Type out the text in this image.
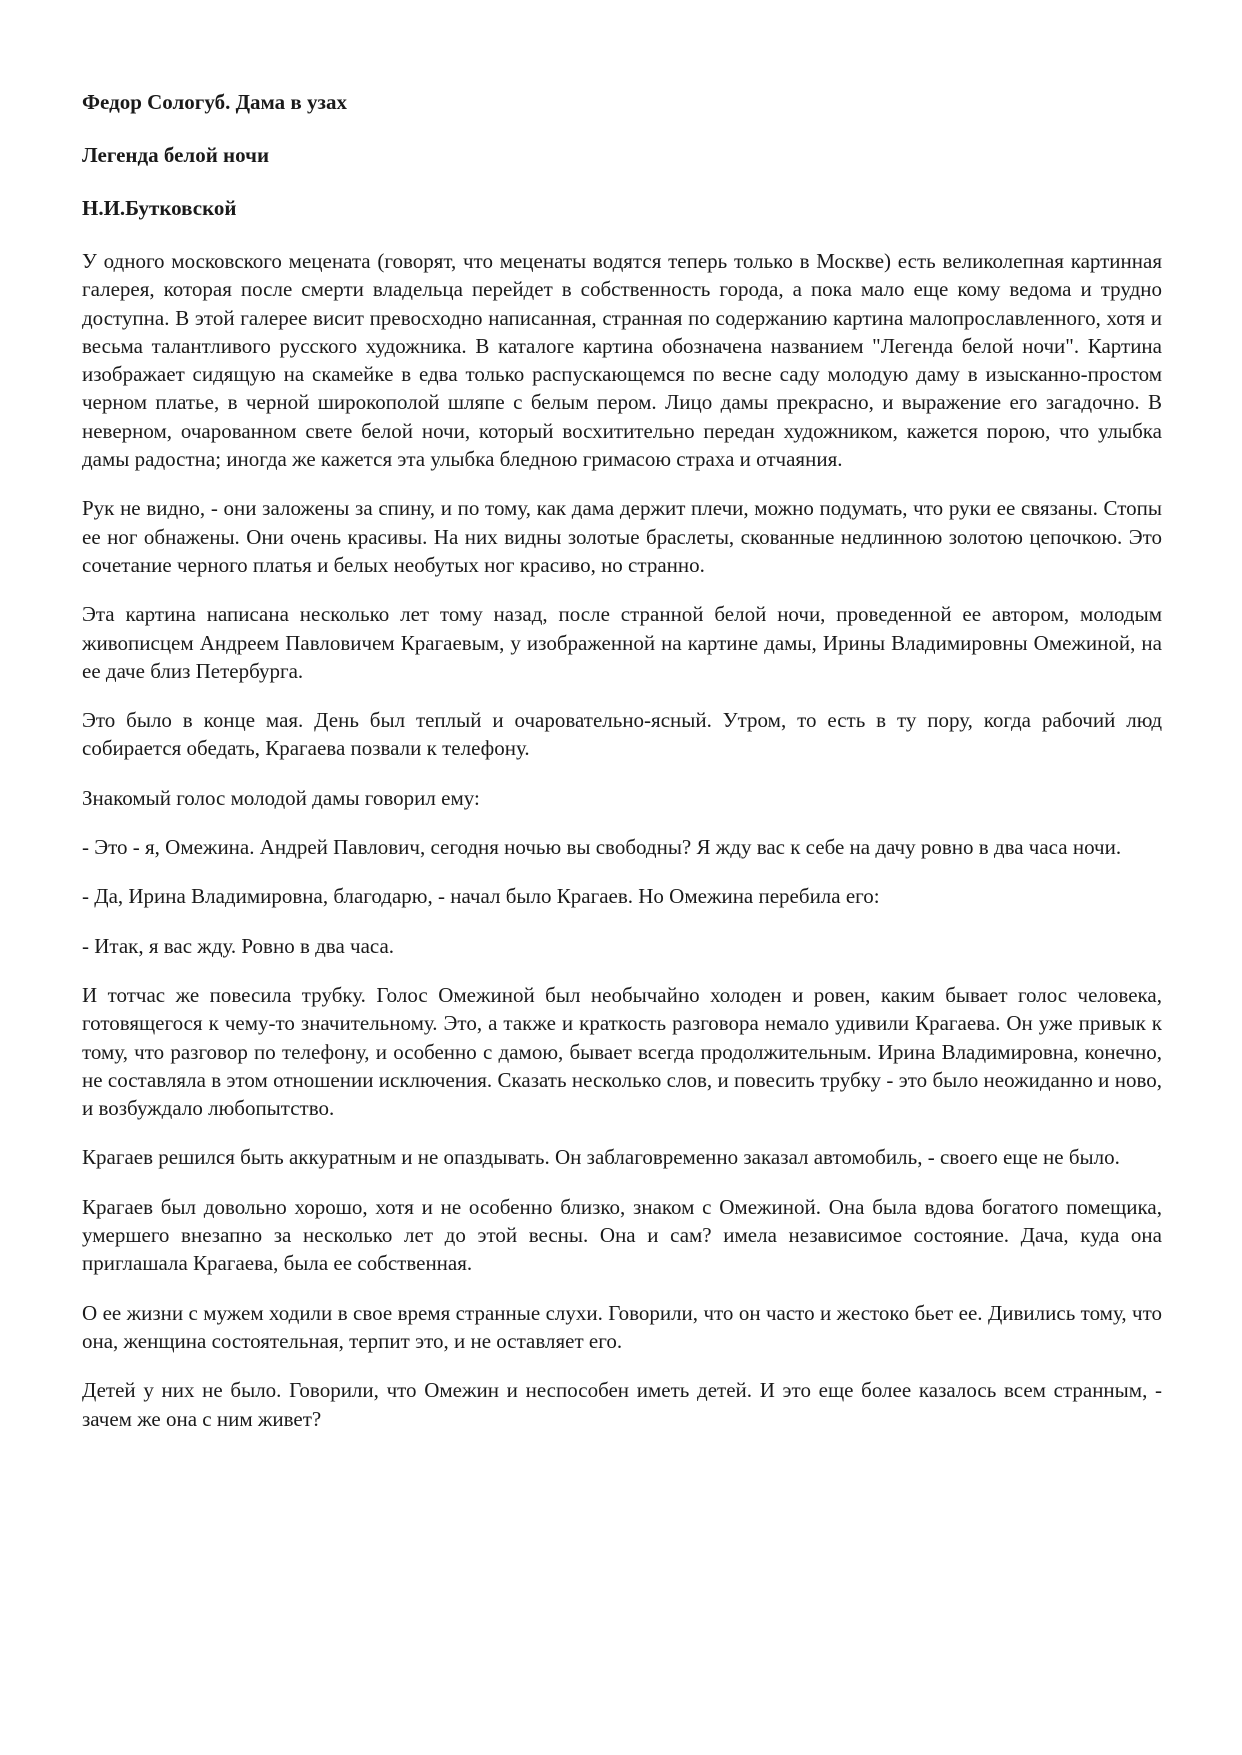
Федор Сологуб. Дама в узах
Легенда белой ночи
Н.И.Бутковской

У одного московского мецената (говорят, что меценаты водятся теперь только в Москве) есть великолепная картинная галерея, которая после смерти владельца перейдет в собственность города, а пока мало еще кому ведома и трудно доступна. В этой галерее висит превосходно написанная, странная по содержанию картина малопрославленного, хотя и весьма талантливого русского художника. В каталоге картина обозначена названием "Легенда белой ночи". Картина изображает сидящую на скамейке в едва только распускающемся по весне саду молодую даму в изысканно-простом черном платье, в черной широкополой шляпе с белым пером. Лицо дамы прекрасно, и выражение его загадочно. В неверном, очарованном свете белой ночи, который восхитительно передан художником, кажется порою, что улыбка дамы радостна; иногда же кажется эта улыбка бледною гримасою страха и отчаяния.

Рук не видно, - они заложены за спину, и по тому, как дама держит плечи, можно подумать, что руки ее связаны. Стопы ее ног обнажены. Они очень красивы. На них видны золотые браслеты, скованные недлинною золотою цепочкою. Это сочетание черного платья и белых необутых ног красиво, но странно.

Эта картина написана несколько лет тому назад, после странной белой ночи, проведенной ее автором, молодым живописцем Андреем Павловичем Крагаевым, у изображенной на картине дамы, Ирины Владимировны Омежиной, на ее даче близ Петербурга.

Это было в конце мая. День был теплый и очаровательно-ясный. Утром, то есть в ту пору, когда рабочий люд собирается обедать, Крагаева позвали к телефону.

Знакомый голос молодой дамы говорил ему:

- Это - я, Омежина. Андрей Павлович, сегодня ночью вы свободны? Я жду вас к себе на дачу ровно в два часа ночи.

- Да, Ирина Владимировна, благодарю, - начал было Крагаев. Но Омежина перебила его:

- Итак, я вас жду. Ровно в два часа.

И тотчас же повесила трубку. Голос Омежиной был необычайно холоден и ровен, каким бывает голос человека, готовящегося к чему-то значительному. Это, а также и краткость разговора немало удивили Крагаева. Он уже привык к тому, что разговор по телефону, и особенно с дамою, бывает всегда продолжительным. Ирина Владимировна, конечно, не составляла в этом отношении исключения. Сказать несколько слов, и повесить трубку - это было неожиданно и ново, и возбуждало любопытство.

Крагаев решился быть аккуратным и не опаздывать. Он заблаговременно заказал автомобиль, - своего еще не было.

Крагаев был довольно хорошо, хотя и не особенно близко, знаком с Омежиной. Она была вдова богатого помещика, умершего внезапно за несколько лет до этой весны. Она и сам? имела независимое состояние. Дача, куда она приглашала Крагаева, была ее собственная.

О ее жизни с мужем ходили в свое время странные слухи. Говорили, что он часто и жестоко бьет ее. Дивились тому, что она, женщина состоятельная, терпит это, и не оставляет его.

Детей у них не было. Говорили, что Омежин и неспособен иметь детей. И это еще более казалось всем странным, - зачем же она с ним живет?
